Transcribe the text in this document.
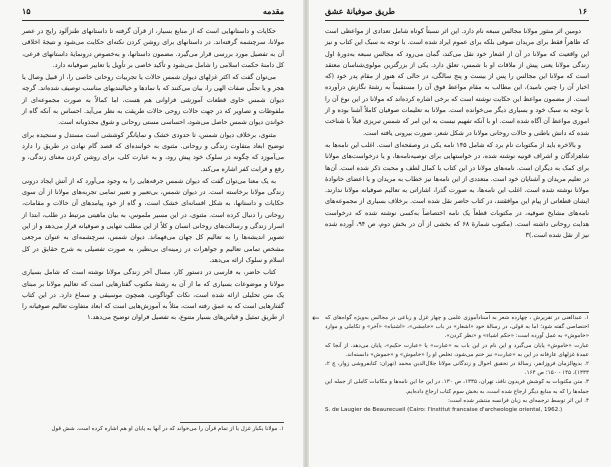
۱۵	مقدمه

حکایات و داستانهایی است که از منابع بسیار، از قرآن گرفته تا داستانهای طنزآلود رایج در عصر مولانا، سرچشمه گرفته‌اند. در داستانهای برای روشن کردن نکته‌ای حکایت می‌شود و نتیجهٔ اخلاقی آن به تفصیل مورد بررسی قرار می‌گیرد. مضمون داستانها، و به‌خصوص درونمایهٔ داستانهای فرعی، کل دامنهٔ حکمت اسلامی را شامل می‌شود و تأکید خاصی بر تأویل یا تعابیر صوفیانه دارد.

می‌توان گفت که اکثر غزلهای دیوان شمس حالات یا تجربیات روحانی خاصی را، از قبیل وصال یا هجر و یا تجلّی صفات الهی را، بیان می‌کنند که با نمادها و خیالبندیهای مناسب توصیف شده‌اند. گرچه دیوان شمس حاوی قطعات آموزشی فراوانی هم هست، اما کمالاً به صورت مجموعه‌ای از ملفوظات و تصاویر که در جهت حالات روحی حالات طریقت به نظر می‌آید. احساس به آنکه گاه از خواندن دیوان شمس حاصل می‌شود، احساسی مستی روحانی و شوق مجذوبانه است.

مثنوی، برخلاف دیوان شمس، تا حدودی خشک و نمایانگر کوششی است مستدل و سنجیده برای توضیح ابعاد متفاوت زندگی و روحانی. مثنوی به خواننده‌ای که قصد گام نهادن در طریق را دارد می‌آموزد که چگونه در سلوک خود پیش رود، و به عبارت کلی، برای روشن کردن معنای زندگی، و رفع و قرابت کفر اشاره می‌کند.

به یک معنا می‌توان گفت که دیوان شمس جرقه‌هایی را به وجود می‌آورد که از آتش ایجاد درونی زندگی مولانا برخاسته است. در دیوان شمس، بی‌تعبیر و تعبیر تمامی تجربه‌های مولانا از آن سوی حکایات و داستانها، به شکل افسانه‌ای خشک است، و گاه از خود پیامدهای آن حالات و مقامات، روحانی را دنبال کرده است. مثنوی، در این مسیر ملموس، به بیان ماهیتی مرتبط در طلب، ابتدا از اسرار زندگی و رسالت‌های روحانی انسان و کلاً از این مطلب تنهایی و صوفیانه قرار می‌دهد و از این تصویر اندیشه‌ها را به تعالیم کل جهان می‌فهماند. دیوان شمس، سرچشمه‌ای به عنوان مرجعی مشخص تمامی تعالیم و جواهرات در زمینه‌ای بی‌نظیر، به صورت تفصیلی به شرح حقایق در کل اسلام و سلوک ارائه می‌دهد.

کتاب حاضر، به فارسی در دستور کار، مسال آخر زندگی مولانا نوشته است که شامل بسیاری مولانا و موضوعات بسیاری که ما از آن به رشتهٔ مکتوب گفتارهایی است که تعالیم مولانا بر مبنای یک متن تحلیلی ارائه شده است، نکات گوناگونی، همچون موسیقی و سماع دارد. در این کتاب گفتارهایی است که به عمق رفته است، مثلاً به آموزش‌هایی است که ابعاد متفاوت تعالیم صوفیانه را از طریق تمثیل و قیاس‌های بسیار متنوع، به تفصیل فراوان توضیح می‌دهد.۱

۱. مولانا یکبار غزل یا از تمام قرآن را می‌خواند که در آنها به پایان او هم اشاره کرده است. شش قول
۱۶
طریق صوفیانهٔ عشق

دومین اثر منثور مولانا مجالس سبعه نام دارد. این اثر نسبتاً کوتاه شامل تعدادی از مواعظی است که ظاهراً فقط برای مریدان صوفی بلکه برای عموم ایراد شده است. با توجه به سبک این کتاب و نیز این واقعیت که مولانا در آن از اشعار خود نقل می‌کند، گمان می‌رود که مجالس سبعه به‌دورهٔ اول زندگی مولانا یعنی پیش از ملاقات او با شمس، تعلق دارد. یکی از بزرگترین مولوی‌شناسان معتقد است که مولانا این مجالس را پس از بیست و پنج سالگی، در حالی که هنوز از مقام پدر خود (که اخبار آن را چنین نامید)، این مطالب به مقام مواعظ فوق آن را مستقیماً به رشتهٔ نگارش درآورده است. از مضمون مواعظ این حکایت نوشته است که برخی اشاره کرده‌اند که مولانا در این نوع آن را با توجه به سبک خود و بسیاری دیگر می‌خوانده است. مولانا به تعلیمات صوفیان کاملاً آشنا بوده و از اموری مواعظ آن آگاه شده است. او با آنکه تفهیم نیست به این امر که شمس تبریزی قبلاً با شناخت شده که دانش باطنی و حالات روحانی مولانا در شکل شعر، صورت بیرونی یافته است.

و بالاخره باید از مکتوبات نام برد که شامل ۱۴۵ نامه یکی در وصفحه‌ای است. اغلب این نامه‌ها به شاهزادگان و اشراف قونیه نوشته شده، در خواستهایی برای توصیه‌نامه‌ها، و یا درخواست‌های مولانا برای کمک به دیگران است. نامه‌های مولانا در این کتاب با کمال لطف و محبت ذکر شده است. آن‌ها در تعلیم مریدان و آشنایان خود است. متعددی از این نامه‌ها نیز خطاب به مریدان و یا اعضای خانوادهٔ مولانا نوشته شده است. اغلب این نامه‌ها، به صورت گذرا، اشاراتی به تعالیم صوفیانه مولانا ندارند. ایشان قطعاتی از پیام این موافقتند، در کتاب حاضر نقل شده است. برخلاف بسیاری از مجموعه‌های نامه‌های مشایخ صوفیه، در مکتوبات قطعاً یک نامه اختصاصاً به‌کسی نوشته شده که درخواست هدایت روحانی داشته است. (مکتوب شمارهٔ ۶۸ که بخشی از آن در بخش دوم، ص ۹۴، آورده شده نیز از نقل شده است.)۳

← ۱. عبدالغنی در تقریرش ، چهارده شعر به اسنادآموزی علمی و چهار غزل و رباعی در مجالس به‌ویژه گواه‌های که اختصاصی گفته شود؛ اما به قولی، در رسالهٔ خود «اشعار» در باب «خامشی»، «اشتباه» «آخر» و تکاملی و موارد «خاموش» به عمل آورده است: «حکم اشیاء» و «نظر کردن».
عبارت «خاموش» پایان می‌گیرد و این نام در این باب به «عبارت» یا «عبارت حکیم»، پایان می‌دهد. از آنجا که عمدهٔ غزلهای عارفانه در این به «عبارت» نیز ختم می‌شود، تخلص او را «خاموش» و «خموش» دانسته‌اند.
۲. بدیع‌الزمان فروزانفر، رسالهٔ در تحقیق احوال و زندگانی مولانا جلال‌الدین محمد (تهران: کتابفروشی زوار، چ ۲، ۱۳۳۳)، ۱۴۵ - ۱۵۰؛ ص ۱۶۴.
۳. متن مکتوبات به کوشش فریدون نافذ، تهران، ۱۳۳۵، ص ۱۳۰. در این جا این نامه‌ها و مکاتبات کاملی از جمله این جمله‌ها را که به منابع دیگر ارجاع شده است، به بخش سوم کتاب ارجاع داده‌ایم.
۴. این اثر توسط ترجمه‌ای به زبان فرانسه منتشر شده است:
S. de Laugier de Beaurecueil (Cairo: l'institut francaise d'archeologie oriental, 1962.)
